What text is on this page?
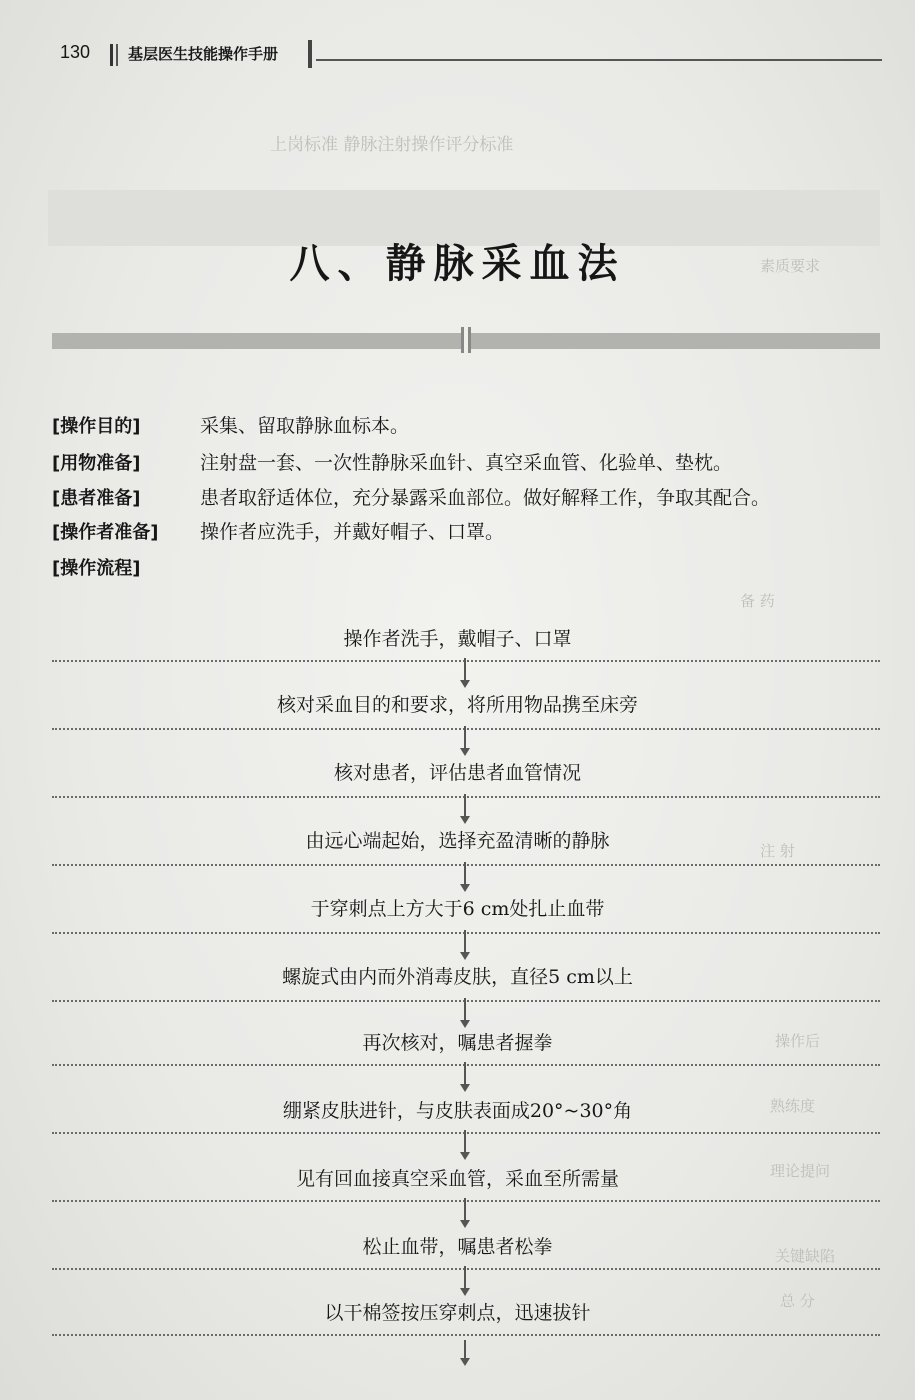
上岗标准 静脉注射操作评分标准
素质要求
备 药
注 射
操作后
熟练度
理论提问
关键缺陷
总 分
130	基层医生技能操作手册
八、静脉采血法
[操作目的]	采集、留取静脉血标本。
[用物准备]	注射盘一套、一次性静脉采血针、真空采血管、化验单、垫枕。
[患者准备]	患者取舒适体位，充分暴露采血部位。做好解释工作，争取其配合。
[操作者准备] 操作者应洗手，并戴好帽子、口罩。
[操作流程]
操作者洗手，戴帽子、口罩
核对采血目的和要求，将所用物品携至床旁
核对患者，评估患者血管情况
由远心端起始，选择充盈清晰的静脉
于穿刺点上方大于6 cm处扎止血带
螺旋式由内而外消毒皮肤，直径5 cm以上
再次核对，嘱患者握拳
绷紧皮肤进针，与皮肤表面成20°~30°角
见有回血接真空采血管，采血至所需量
松止血带，嘱患者松拳
以干棉签按压穿刺点，迅速拔针
